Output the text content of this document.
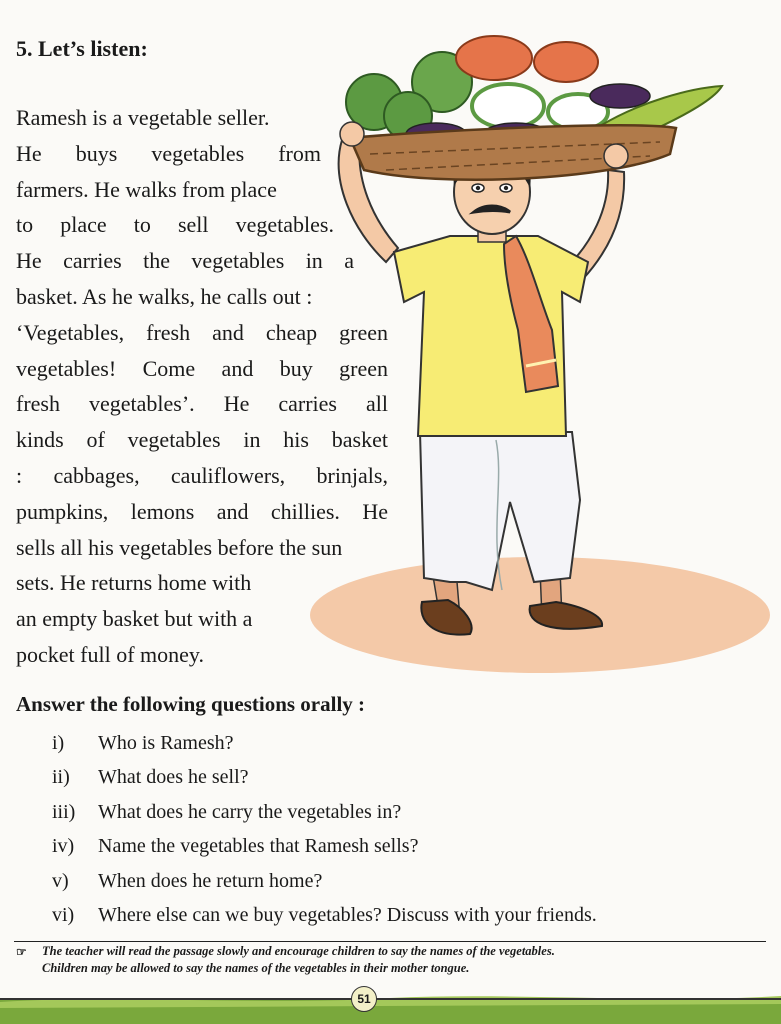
5. Let’s listen:
Ramesh is a vegetable seller.
He buys vegetables from
farmers. He walks from place
to place to sell vegetables.
He carries the vegetables in a
basket. As he walks, he calls out :
‘Vegetables, fresh and cheap green
vegetables! Come and buy green
fresh vegetables’. He carries all
kinds of vegetables in his basket
: cabbages, cauliflowers, brinjals,
pumpkins, lemons and chillies. He
sells all his vegetables before the sun
sets. He returns home with
an empty basket but with a
pocket full of money.
Answer the following questions orally :
i)	Who is Ramesh?
ii)	What does he sell?
iii)	What does he carry the vegetables in?
iv)	Name the vegetables that Ramesh sells?
v)	When does he return home?
vi)	Where else can we buy vegetables? Discuss with your friends.
☞	The teacher will read the passage slowly and encourage children to say the names of the vegetables.
Children may be allowed to say the names of the vegetables in their mother tongue.
51
